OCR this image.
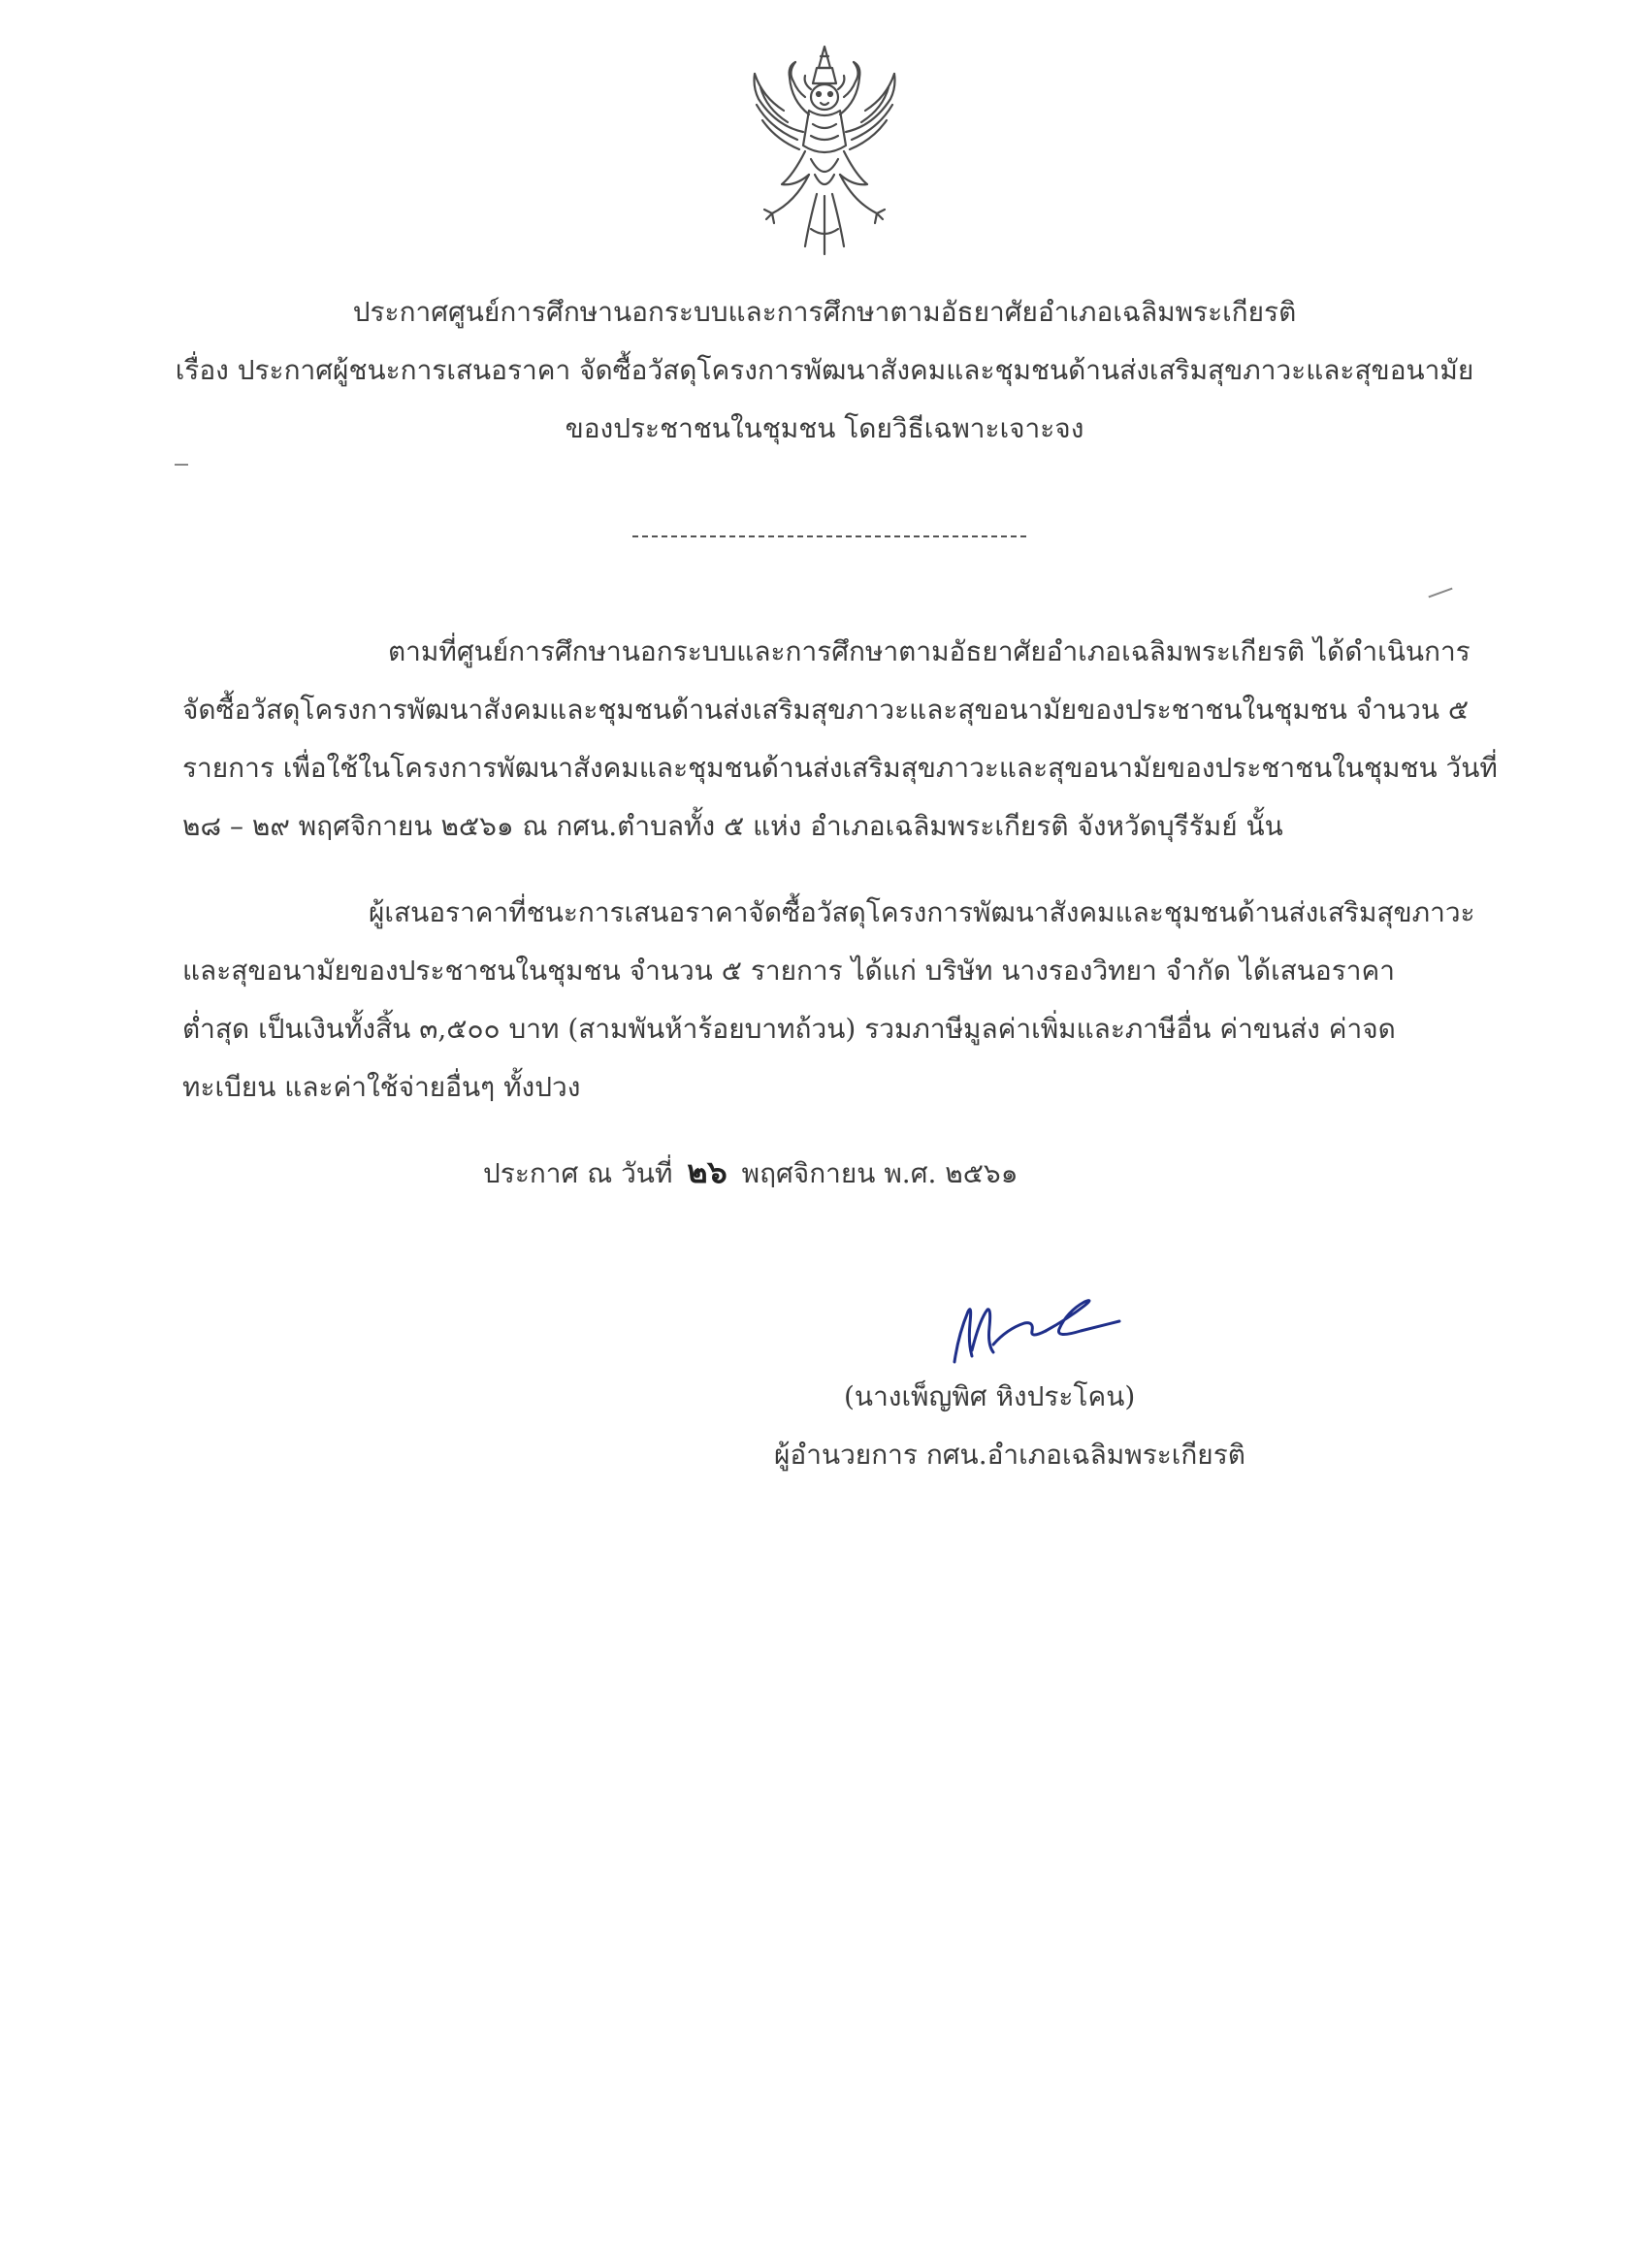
ประกาศศูนย์การศึกษานอกระบบและการศึกษาตามอัธยาศัยอำเภอเฉลิมพระเกียรติ
เรื่อง ประกาศผู้ชนะการเสนอราคา จัดซื้อวัสดุโครงการพัฒนาสังคมและชุมชนด้านส่งเสริมสุขภาวะและสุขอนามัย
ของประชาชนในชุมชน โดยวิธีเฉพาะเจาะจง
ตามที่ศูนย์การศึกษานอกระบบและการศึกษาตามอัธยาศัยอำเภอเฉลิมพระเกียรติ ได้ดำเนินการ
จัดซื้อวัสดุโครงการพัฒนาสังคมและชุมชนด้านส่งเสริมสุขภาวะและสุขอนามัยของประชาชนในชุมชน จำนวน ๕
รายการ เพื่อใช้ในโครงการพัฒนาสังคมและชุมชนด้านส่งเสริมสุขภาวะและสุขอนามัยของประชาชนในชุมชน วันที่
๒๘ – ๒๙ พฤศจิกายน ๒๕๖๑ ณ กศน.ตำบลทั้ง ๕ แห่ง อำเภอเฉลิมพระเกียรติ จังหวัดบุรีรัมย์ นั้น
ผู้เสนอราคาที่ชนะการเสนอราคาจัดซื้อวัสดุโครงการพัฒนาสังคมและชุมชนด้านส่งเสริมสุขภาวะ
และสุขอนามัยของประชาชนในชุมชน จำนวน ๕ รายการ ได้แก่ บริษัท นางรองวิทยา จำกัด ได้เสนอราคา
ต่ำสุด เป็นเงินทั้งสิ้น ๓,๕๐๐ บาท (สามพันห้าร้อยบาทถ้วน) รวมภาษีมูลค่าเพิ่มและภาษีอื่น ค่าขนส่ง ค่าจด
ทะเบียน และค่าใช้จ่ายอื่นๆ ทั้งปวง
ประกาศ ณ วันที่ ๒๖ พฤศจิกายน พ.ศ. ๒๕๖๑
(นางเพ็ญพิศ หิงประโคน)
ผู้อำนวยการ กศน.อำเภอเฉลิมพระเกียรติ
